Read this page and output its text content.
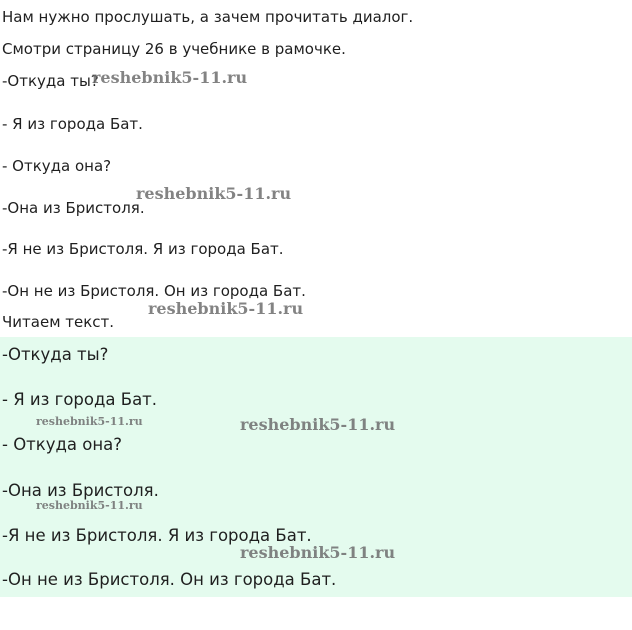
Нам нужно прослушать, а зачем прочитать диалог.

Смотри страницу 26 в учебнике в рамочке.

-Откуда ты?

- Я из города Бат.

- Откуда она?

-Она из Бристоля.

-Я не из Бристоля. Я из города Бат.

-Он не из Бристоля. Он из города Бат.

Читаем текст.

-Откуда ты?

- Я из города Бат.

- Откуда она?

-Она из Бристоля.

-Я не из Бристоля. Я из города Бат.

-Он не из Бристоля. Он из города Бат.

reshebnik5-11.ru
reshebnik5-11.ru
reshebnik5-11.ru
reshebnik5-11.ru	reshebnik5-11.ru
reshebnik5-11.ru
reshebnik5-11.ru
